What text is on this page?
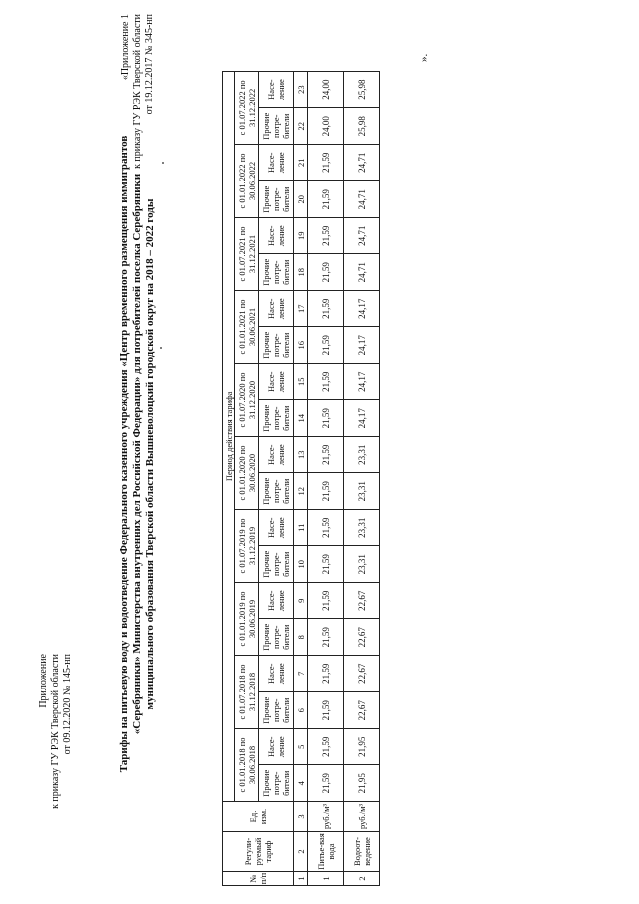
Приложение к приказу ГУ РЭК Тверской области от 09.12.2020 № 145-нп
«Приложение 1 к приказу ГУ РЭК Тверской области от 19.12.2017 № 345-нп
Тарифы на питьевую воду и водоотведение Федерального казенного учреждения «Центр временного размещения иммигрантов «Серебряники» Министерства внутренних дел Российской Федерации» для потребителей поселка Серебряники муниципального образования Тверской области Вышневолоцкий городской округ на 2018 – 2022 годы
№ п/п	Регули-руемый тариф	Ед. изм.	Период действия тарифа																			
			с 01.01.2018 по 30.06.2018		с 01.07.2018 по 31.12.2018		с 01.01.2019 по 30.06.2019		с 01.07.2019 по 31.12.2019		с 01.01.2020 по 30.06.2020		с 01.07.2020 по 31.12.2020		с 01.01.2021 по 30.06.2021		с 01.07.2021 по 31.12.2021		с 01.01.2022 по 30.06.2022		с 01.07.2022 по 31.12.2022	
			Прочие потре-бители	Насе-ление	Прочие потре-бители	Насе-ление	Прочие потре-бители	Насе-ление	Прочие потре-бители	Насе-ление	Прочие потре-бители	Насе-ление	Прочие потре-бители	Насе-ление	Прочие потре-бители	Насе-ление	Прочие потре-бители	Насе-ление	Прочие потре-бители	Насе-ление	Прочие потре-бители	Насе-ление
1	2	3	4	5	6	7	8	9	10	11	12	13	14	15	16	17	18	19	20	21	22	23
1	Питье-вая вода	руб./м³	21,59	21,59	21,59	21,59	21,59	21,59	21,59	21,59	21,59	21,59	21,59	21,59	21,59	21,59	21,59	21,59	21,59	21,59	24,00	24,00
2	Водоот-ведение	руб./м³	21,95	21,95	22,67	22,67	22,67	22,67	23,31	23,31	23,31	23,31	24,17	24,17	24,17	24,17	24,71	24,71	24,71	24,71	25,98	25,98
».
